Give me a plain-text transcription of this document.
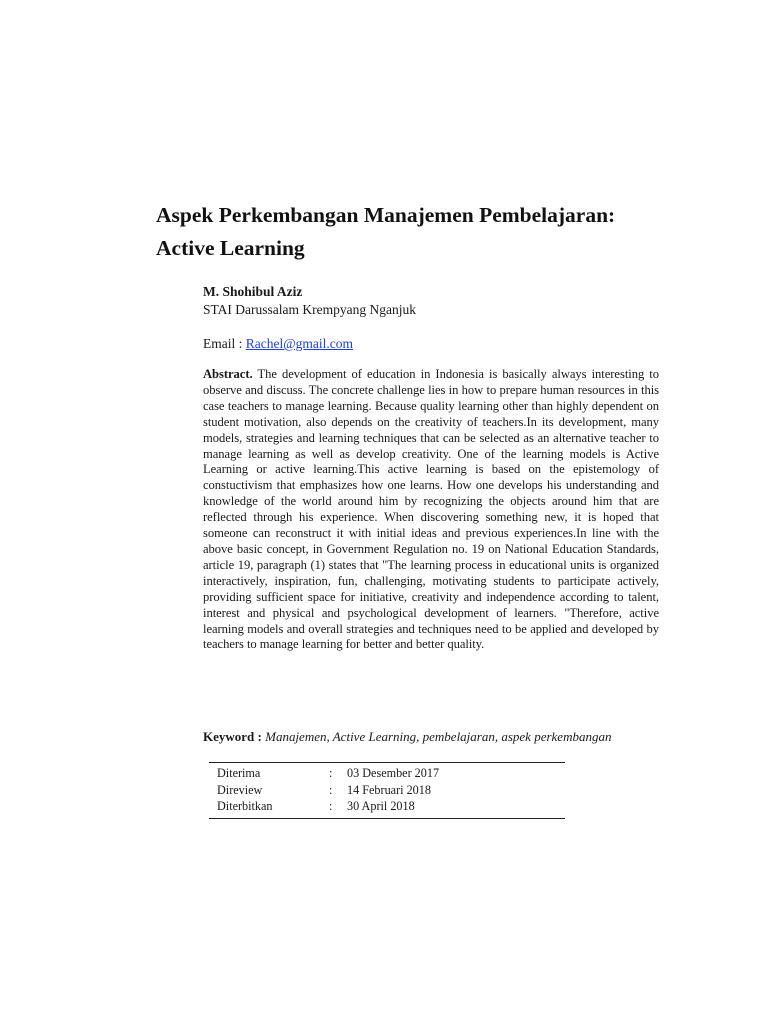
Aspek Perkembangan Manajemen Pembelajaran:
Active Learning
M. Shohibul Aziz
STAI Darussalam Krempyang Nganjuk
Email : Rachel@gmail.com
Abstract. The development of education in Indonesia is basically always interesting to observe and discuss. The concrete challenge lies in how to prepare human resources in this case teachers to manage learning. Because quality learning other than highly dependent on student motivation, also depends on the creativity of teachers.In its development, many models, strategies and learning techniques that can be selected as an alternative teacher to manage learning as well as develop creativity. One of the learning models is Active Learning or active learning.This active learning is based on the epistemology of constuctivism that emphasizes how one learns. How one develops his understanding and knowledge of the world around him by recognizing the objects around him that are reflected through his experience. When discovering something new, it is hoped that someone can reconstruct it with initial ideas and previous experiences.In line with the above basic concept, in Government Regulation no. 19 on National Education Standards, article 19, paragraph (1) states that "The learning process in educational units is organized interactively, inspiration, fun, challenging, motivating students to participate actively, providing sufficient space for initiative, creativity and independence according to talent, interest and physical and psychological development of learners. "Therefore, active learning models and overall strategies and techniques need to be applied and developed by teachers to manage learning for better and better quality.
Keyword : Manajemen, Active Learning, pembelajaran, aspek perkembangan
Diterima	:	03 Desember 2017
Direview	:	14 Februari 2018
Diterbitkan	:	30 April 2018
